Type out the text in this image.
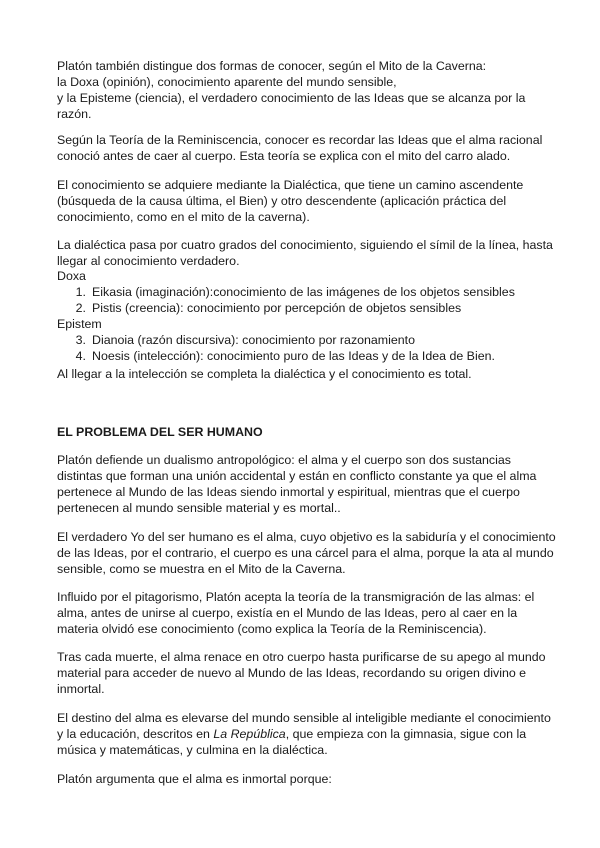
Platón también distingue dos formas de conocer, según el Mito de la Caverna:
la Doxa (opinión), conocimiento aparente del mundo sensible,
y la Episteme (ciencia), el verdadero conocimiento de las Ideas que se alcanza por la razón.

Según la Teoría de la Reminiscencia, conocer es recordar las Ideas que el alma racional conoció antes de caer al cuerpo. Esta teoría se explica con el mito del carro alado.

El conocimiento se adquiere mediante la Dialéctica, que tiene un camino ascendente (búsqueda de la causa última, el Bien) y otro descendente (aplicación práctica del conocimiento, como en el mito de la caverna).

La dialéctica pasa por cuatro grados del conocimiento, siguiendo el símil de la línea, hasta llegar al conocimiento verdadero.

Doxa

1. Eikasia (imaginación):conocimiento de las imágenes de los objetos sensibles
2. Pistis (creencia): conocimiento por percepción de objetos sensibles

Epistem

3. Dianoia (razón discursiva): conocimiento por razonamiento
4. Noesis (intelección): conocimiento puro de las Ideas y de la Idea de Bien.

Al llegar a la intelección se completa la dialéctica y el conocimiento es total.

EL PROBLEMA DEL SER HUMANO

Platón defiende un dualismo antropológico: el alma y el cuerpo son dos sustancias distintas que forman una unión accidental y están en conflicto constante ya que el alma pertenece al Mundo de las Ideas siendo inmortal y espiritual, mientras que el cuerpo pertenecen al mundo sensible material y es mortal..

El verdadero Yo del ser humano es el alma, cuyo objetivo es la sabiduría y el conocimiento de las Ideas, por el contrario, el cuerpo es una cárcel para el alma, porque la ata al mundo sensible, como se muestra en el Mito de la Caverna.

Influido por el pitagorismo, Platón acepta la teoría de la transmigración de las almas: el alma, antes de unirse al cuerpo, existía en el Mundo de las Ideas, pero al caer en la materia olvidó ese conocimiento (como explica la Teoría de la Reminiscencia).

Tras cada muerte, el alma renace en otro cuerpo hasta purificarse de su apego al mundo material para acceder de nuevo al Mundo de las Ideas, recordando su origen divino e inmortal.

El destino del alma es elevarse del mundo sensible al inteligible mediante el conocimiento y la educación, descritos en La República, que empieza con la gimnasia, sigue con la música y matemáticas, y culmina en la dialéctica.

Platón argumenta que el alma es inmortal porque:
